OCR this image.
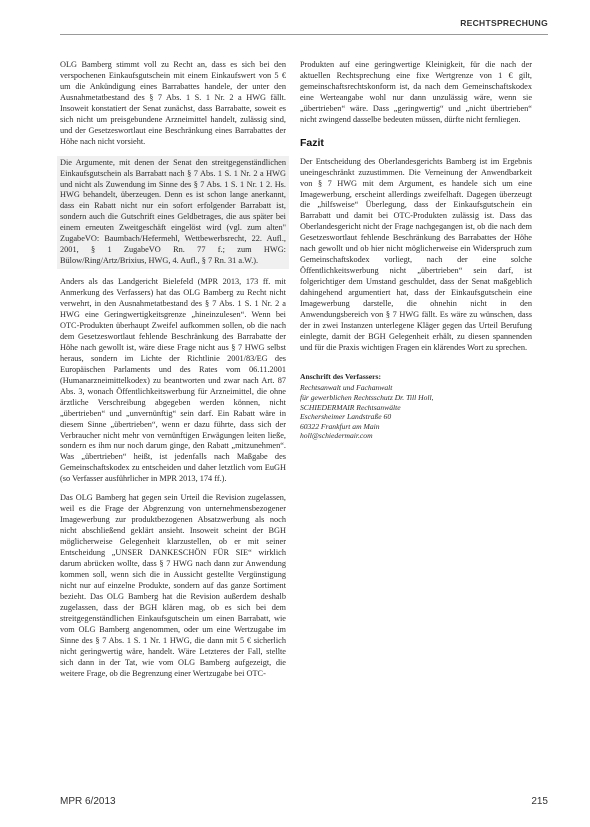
RECHTSPRECHUNG

OLG Bamberg stimmt voll zu Recht an, dass es sich bei den verspochenen Einkaufsgutschein mit einem Einkaufswert von 5 € um die Ankündigung eines Barrabattes handele, der unter den Ausnahmetatbestand des § 7 Abs. 1 S. 1 Nr. 2 a HWG fällt. Insoweit konstatiert der Senat zunächst, dass Barrabatte, soweit es sich nicht um preisgebundene Arzneimittel handelt, zulässig sind, und der Gesetzeswortlaut eine Beschränkung eines Barrabattes der Höhe nach nicht vorsieht.

Die Argumente, mit denen der Senat den streitgegenständlichen Einkaufsgutschein als Barrabatt nach § 7 Abs. 1 S. 1 Nr. 2 a HWG und nicht als Zuwendung im Sinne des § 7 Abs. 1 S. 1 Nr. 1 2. Hs. HWG behandelt, überzeugen. Denn es ist schon lange anerkannt, dass ein Rabatt nicht nur ein sofort erfolgender Barrabatt ist, sondern auch die Gutschrift eines Geldbetrages, die aus später bei einem erneuten Zweitgeschäft eingelöst wird (vgl. zum alten" ZugabeVO: Baumbach/Hefermehl, Wettbewerbsrecht, 22. Aufl., 2001, § 1 ZugabeVO Rn. 77 f.; zum HWG: Bülow/Ring/Artz/Brixius, HWG, 4. Aufl., § 7 Rn. 31 a.W.).

Anders als das Landgericht Bielefeld (MPR 2013, 173 ff. mit Anmerkung des Verfassers) hat das OLG Bamberg zu Recht nicht verwehrt, in den Ausnahmetatbestand des § 7 Abs. 1 S. 1 Nr. 2 a HWG eine Geringwertigkeitsgrenze „hineinzulesen“. Wenn bei OTC-Produkten überhaupt Zweifel aufkommen sollen, ob die nach dem Gesetzeswortlaut fehlende Beschränkung des Barrabatte der Höhe nach gewollt ist, wäre diese Frage nicht aus § 7 HWG selbst heraus, sondern im Lichte der Richtlinie 2001/83/EG des Europäischen Parlaments und des Rates vom 06.11.2001 (Humanarzneimittelkodex) zu beantworten und zwar nach Art. 87 Abs. 3, wonach Öffentlichkeitswerbung für Arzneimittel, die ohne ärztliche Verschreibung abgegeben werden können, nicht „übertrieben“ und „unvernünftig“ sein darf. Ein Rabatt wäre in diesem Sinne „übertrieben“, wenn er dazu führte, dass sich der Verbraucher nicht mehr von vernünftigen Erwägungen leiten ließe, sondern es ihm nur noch darum ginge, den Rabatt „mitzunehmen“. Was „übertrieben“ heißt, ist jedenfalls nach Maßgabe des Gemeinschaftskodex zu entscheiden und daher letztlich vom EuGH (so Verfasser ausführlicher in MPR 2013, 174 ff.).

Das OLG Bamberg hat gegen sein Urteil die Revision zugelassen, weil es die Frage der Abgrenzung von unternehmensbezogener Imagewerbung zur produktbezogenen Absatzwerbung als noch nicht abschließend geklärt ansieht. Insoweit scheint der BGH möglicherweise Gelegenheit klarzustellen, ob er mit seiner Entscheidung „UNSER DANKESCHÖN FÜR SIE“ wirklich darum abrücken wollte, dass § 7 HWG nach dann zur Anwendung kommen soll, wenn sich die in Aussicht gestellte Vergünstigung nicht nur auf einzelne Produkte, sondern auf das ganze Sortiment bezieht. Das OLG Bamberg hat die Revision außerdem deshalb zugelassen, dass der BGH klären mag, ob es sich bei dem streitgegenständlichen Einkaufsgutschein um einen Barrabatt, wie vom OLG Bamberg angenommen, oder um eine Wertzugabe im Sinne des § 7 Abs. 1 S. 1 Nr. 1 HWG, die dann mit 5 € sicherlich nicht geringwertig wäre, handelt. Wäre Letzteres der Fall, stellte sich dann in der Tat, wie vom OLG Bamberg aufgezeigt, die weitere Frage, ob die Begrenzung einer Wertzugabe bei OTC-

Produkten auf eine geringwertige Kleinigkeit, für die nach der aktuellen Rechtsprechung eine fixe Wertgrenze von 1 € gilt, gemeinschaftsrechtskonform ist, da nach dem Gemeinschaftskodex eine Werteangabe wohl nur dann unzulässig wäre, wenn sie „übertrieben“ wäre. Dass „geringwertig“ und „nicht übertrieben“ nicht zwingend dasselbe bedeuten müssen, dürfte nicht fernliegen.

Fazit

Der Entscheidung des Oberlandesgerichts Bamberg ist im Ergebnis uneingeschränkt zuzustimmen. Die Verneinung der Anwendbarkeit von § 7 HWG mit dem Argument, es handele sich um eine Imagewerbung, erscheint allerdings zweifelhaft. Dagegen überzeugt die „hilfsweise“ Überlegung, dass der Einkaufsgutschein ein Barrabatt und damit bei OTC-Produkten zulässig ist. Dass das Oberlandesgericht nicht der Frage nachgegangen ist, ob die nach dem Gesetzeswortlaut fehlende Beschränkung des Barrabattes der Höhe nach gewollt und ob hier nicht möglicherweise ein Widerspruch zum Gemeinschaftskodex vorliegt, nach der eine solche Öffentlichkeitswerbung nicht „übertrieben“ sein darf, ist folgerichtiger dem Umstand geschuldet, dass der Senat maßgeblich dahingehend argumentiert hat, dass der Einkaufsgutschein eine Imagewerbung darstelle, die ohnehin nicht in den Anwendungsbereich von § 7 HWG fällt. Es wäre zu wünschen, dass der in zwei Instanzen unterlegene Kläger gegen das Urteil Berufung einlegte, damit der BGH Gelegenheit erhält, zu diesen spannenden und für die Praxis wichtigen Fragen ein klärendes Wort zu sprechen.

Anschrift des Verfassers:
Rechtsanwalt und Fachanwalt
für gewerblichen Rechtsschutz Dr. Till Holl,
SCHIEDERMAIR Rechtsanwälte
Eschersheimer Landstraße 60
60322 Frankfurt am Main
holl@schiedermair.com
MPR 6/2013	215
